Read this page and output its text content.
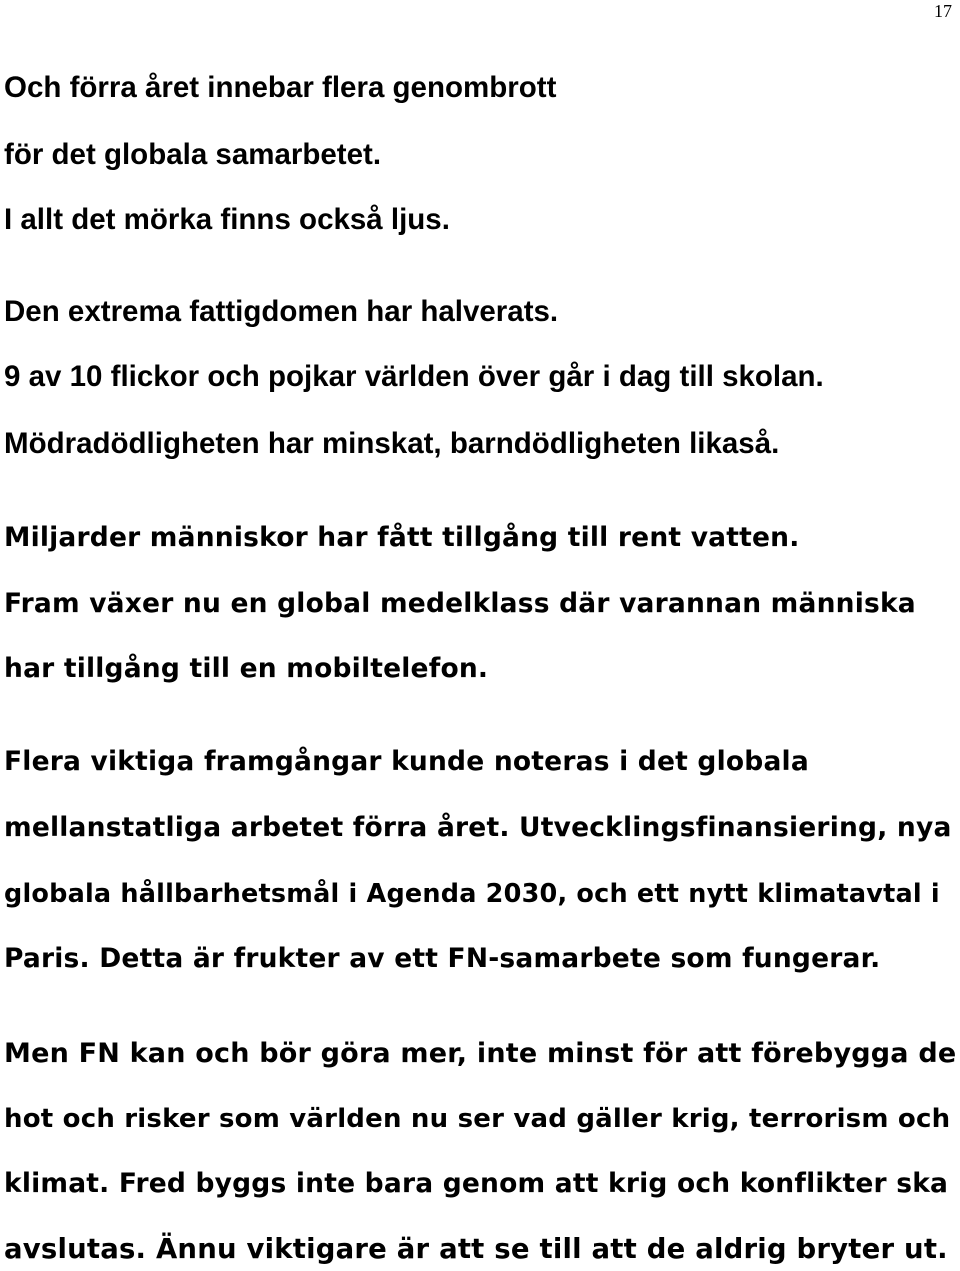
17
Och förra året innebar flera genombrott
för det globala samarbetet.
I allt det mörka finns också ljus.
Den extrema fattigdomen har halverats.
9 av 10 flickor och pojkar världen över går i dag till skolan.
Mödradödligheten har minskat, barndödligheten likaså.
Miljarder människor har fått tillgång till rent vatten.
Fram växer nu en global medelklass där varannan människa
har tillgång till en mobiltelefon.
Flera viktiga framgångar kunde noteras i det globala
mellanstatliga arbetet förra året. Utvecklingsfinansiering, nya
globala hållbarhetsmål i Agenda 2030, och ett nytt klimatavtal i
Paris. Detta är frukter av ett FN-samarbete som fungerar.
Men FN kan och bör göra mer, inte minst för att förebygga de
hot och risker som världen nu ser vad gäller krig, terrorism och
klimat. Fred byggs inte bara genom att krig och konflikter ska
avslutas. Ännu viktigare är att se till att de aldrig bryter ut.
